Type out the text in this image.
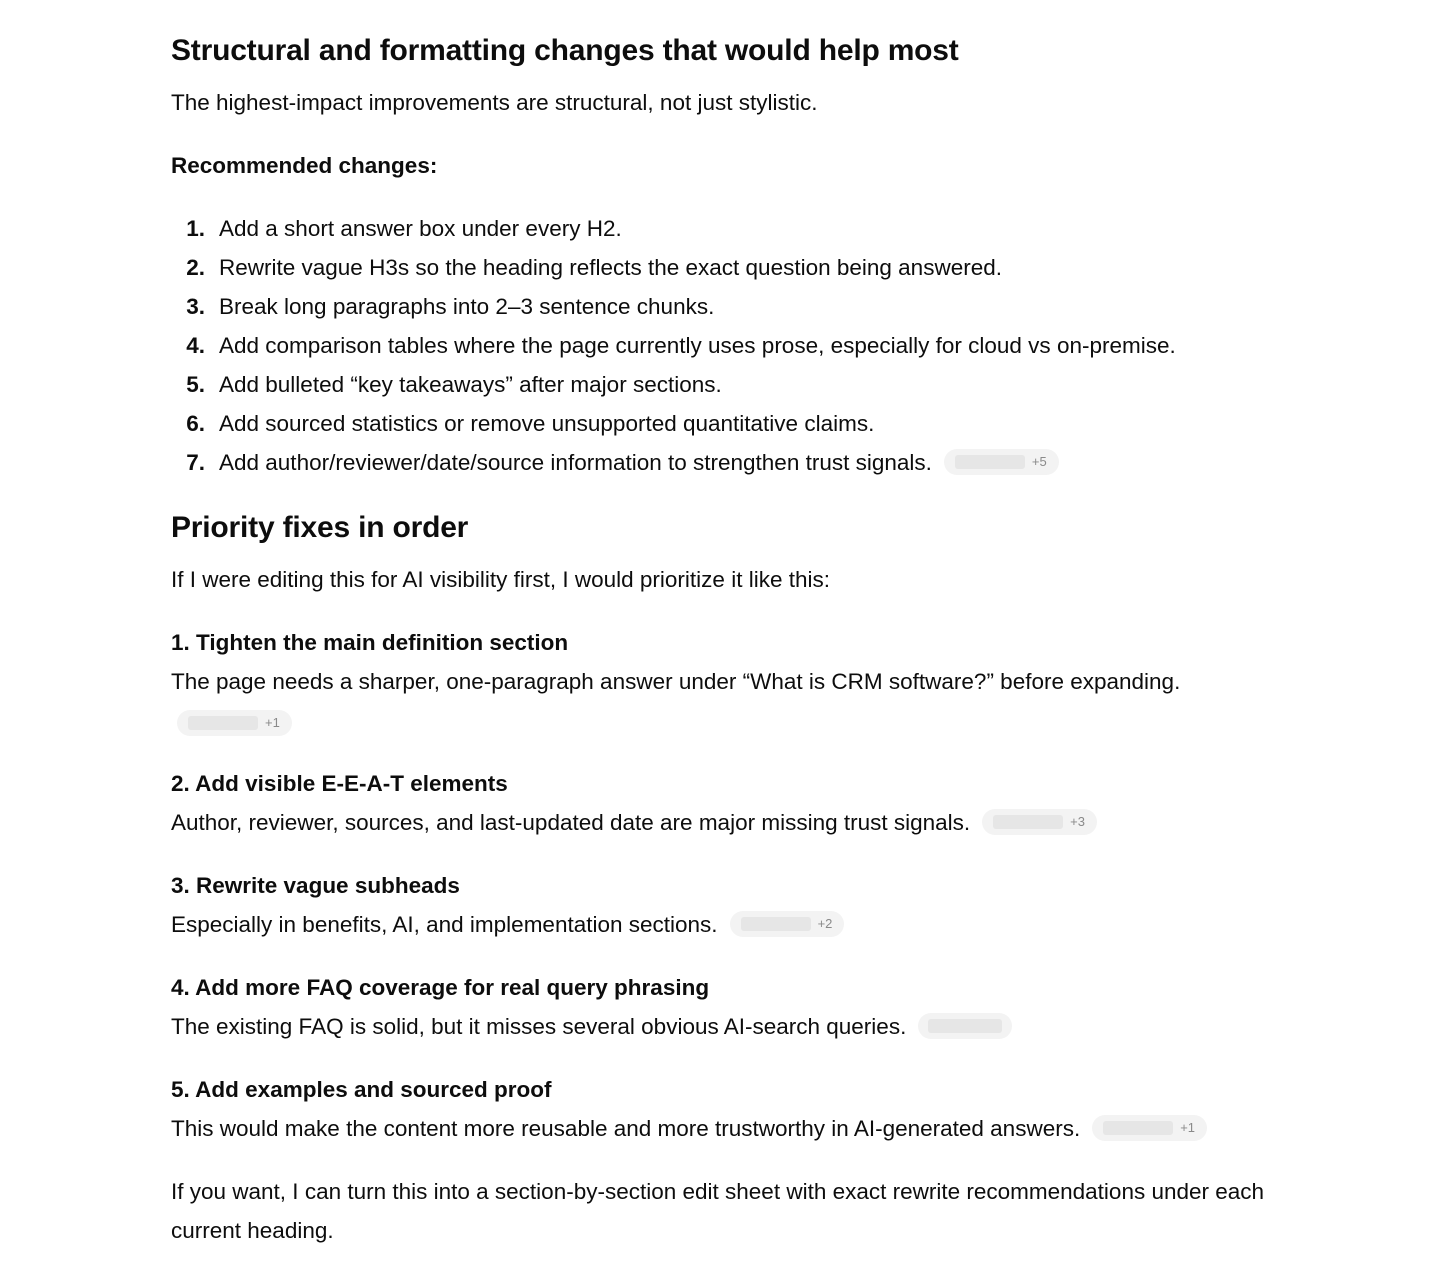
Structural and formatting changes that would help most

The highest-impact improvements are structural, not just stylistic.

Recommended changes:
1. Add a short answer box under every H2.
2. Rewrite vague H3s so the heading reflects the exact question being answered.
3. Break long paragraphs into 2–3 sentence chunks.
4. Add comparison tables where the page currently uses prose, especially for cloud vs on-premise.
5. Add bulleted “key takeaways” after major sections.
6. Add sourced statistics or remove unsupported quantitative claims.
7. Add author/reviewer/date/source information to strengthen trust signals.	+5
Priority fixes in order

If I were editing this for AI visibility first, I would prioritize it like this:

1. Tighten the main definition section

The page needs a sharper, one-paragraph answer under “What is CRM software?” before expanding.

+1
2. Add visible E-E-A-T elements

Author, reviewer, sources, and last-updated date are major missing trust signals.	+3

3. Rewrite vague subheads

Especially in benefits, AI, and implementation sections.	+2

4. Add more FAQ coverage for real query phrasing

The existing FAQ is solid, but it misses several obvious AI-search queries.

5. Add examples and sourced proof

This would make the content more reusable and more trustworthy in AI-generated answers.	+1

If you want, I can turn this into a section-by-section edit sheet with exact rewrite recommendations under each current heading.
